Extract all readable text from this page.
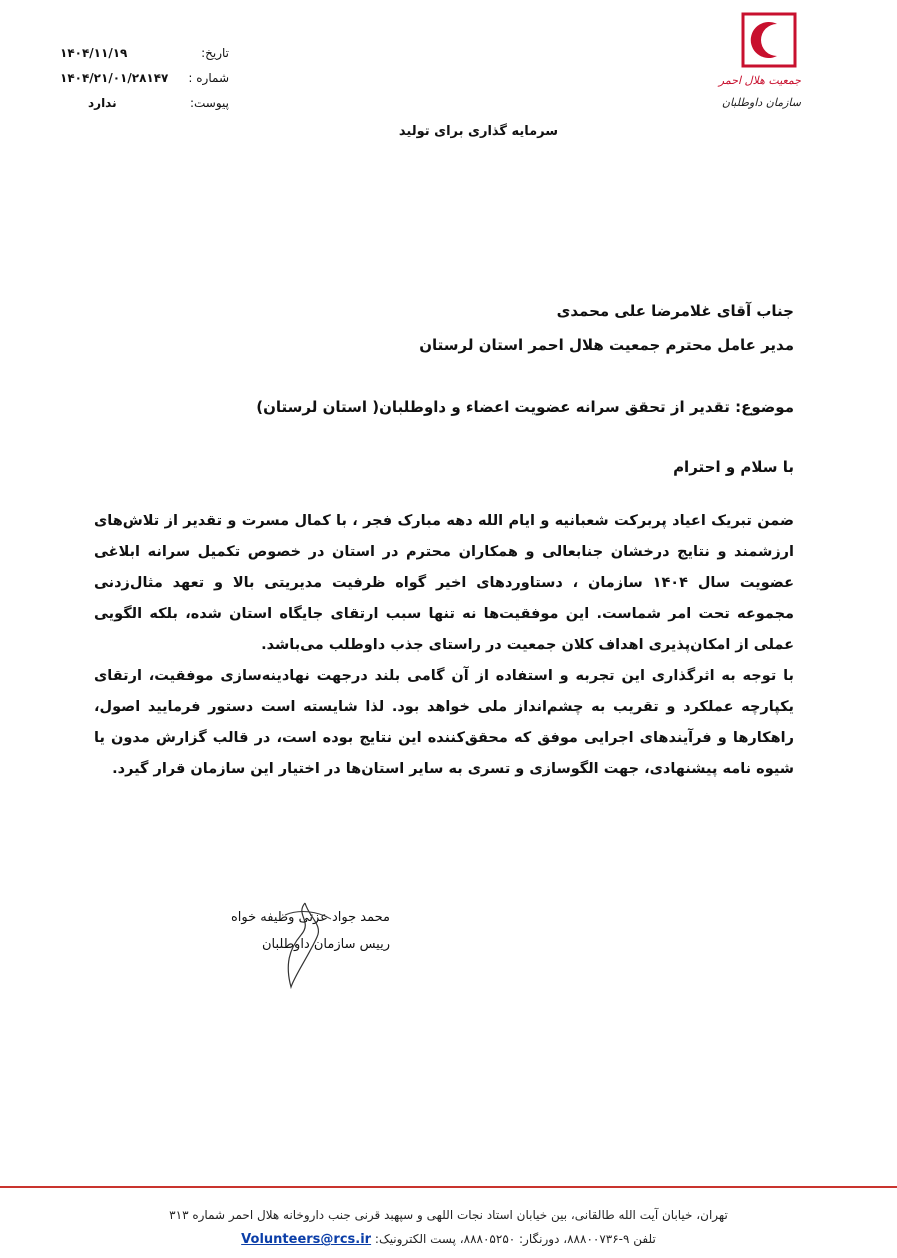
جمعیت هلال احمر
سازمان داوطلبان
تاریخ:
۱۴۰۴/۱۱/۱۹
شماره :
۱۴۰۴/۲۱/۰۱/۲۸۱۴۷
پیوست:
ندارد
سرمایه گذاری برای تولید
جناب آقای غلامرضا علی محمدی
مدیر عامل محترم جمعیت هلال احمر استان لرستان
موضوع: تقدیر از تحقق سرانه عضویت اعضاء و داوطلبان( استان لرستان)
با سلام و احترام

ضمن تبریک اعیاد پربرکت شعبانیه و ایام الله دهه مبارک فجر ، با کمال مسرت و تقدیر از تلاش‌های ارزشمند و نتایج درخشان جنابعالی و همکاران محترم در استان در خصوص تکمیل سرانه ابلاغی عضویت سال ۱۴۰۴ سازمان ، دستاوردهای اخیر گواه ظرفیت مدیریتی بالا و تعهد مثال‌زدنی مجموعه تحت امر شماست. این موفقیت‌ها نه تنها سبب ارتقای جایگاه استان شده، بلکه الگویی عملی از امکان‌پذیری اهداف کلان جمعیت در راستای جذب داوطلب می‌باشد.

با توجه به اثرگذاری این تجربه و استفاده از آن گامی بلند درجهت نهادینه‌سازی موفقیت، ارتقای یکپارچه عملکرد و تقریب به چشم‌انداز ملی خواهد بود. لذا شایسته است دستور فرمایید اصول، راهکارها و فرآیندهای اجرایی موفق که محقق‌کننده این نتایج بوده است، در قالب گزارش مدون یا شیوه نامه پیشنهادی، جهت الگوسازی و تسری به سایر استان‌ها در اختیار این سازمان قرار گیرد.

محمد جواد عزتی وظیفه خواه
رییس سازمان داوطلبان
تهران، خیابان آیت الله طالقانی، بین خیابان استاد نجات اللهی و سپهبد قرنی جنب داروخانه هلال احمر شماره ۳۱۳
تلفن ۹-۸۸۸۰۰۷۳۶، دورنگار: ۸۸۸۰۵۲۵۰، پست الکترونیک: Volunteers@rcs.ir
